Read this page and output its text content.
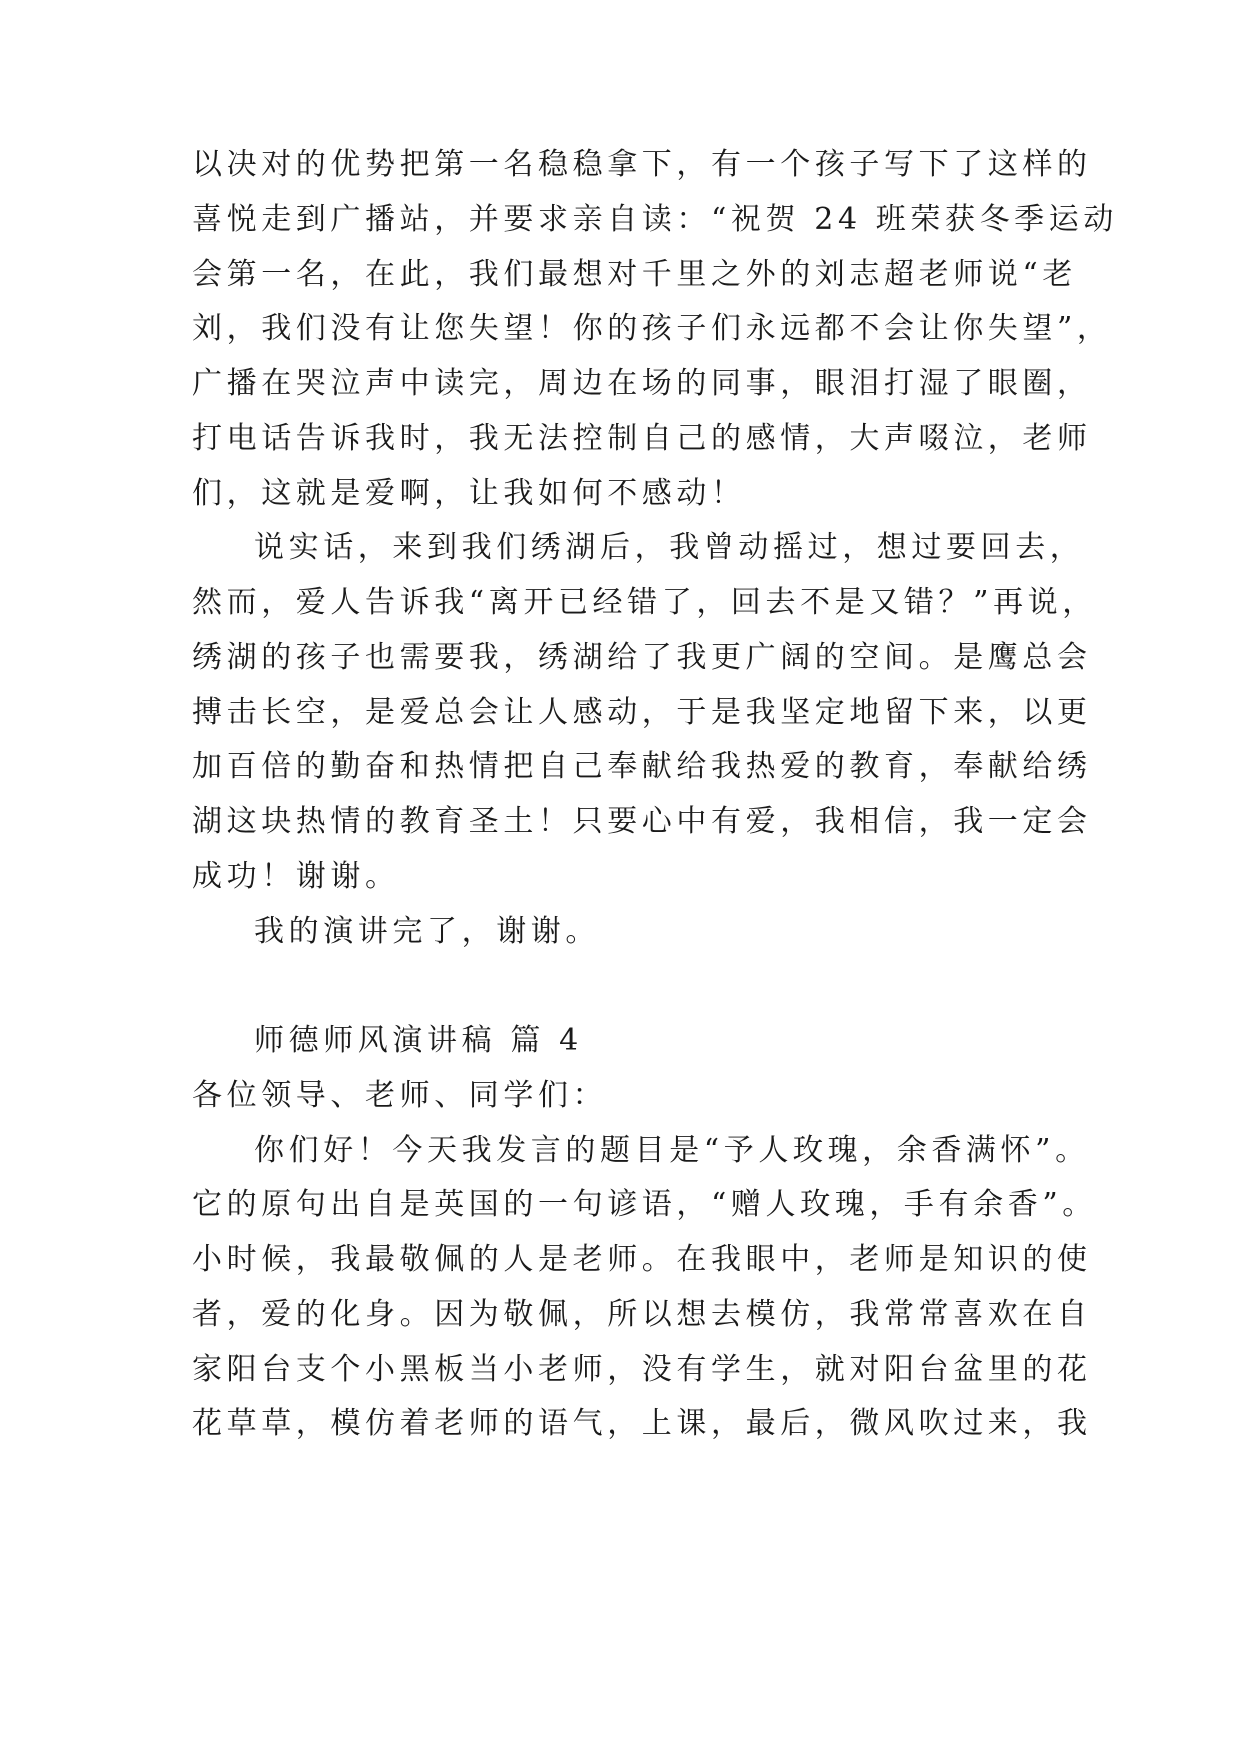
以决对的优势把第一名稳稳拿下，有一个孩子写下了这样的
喜悦走到广播站，并要求亲自读：“祝贺 24 班荣获冬季运动
会第一名，在此，我们最想对千里之外的刘志超老师说“老
刘，我们没有让您失望！你的孩子们永远都不会让你失望”，
广播在哭泣声中读完，周边在场的同事，眼泪打湿了眼圈，
打电话告诉我时，我无法控制自己的感情，大声啜泣，老师
们，这就是爱啊，让我如何不感动！
说实话，来到我们绣湖后，我曾动摇过，想过要回去，
然而，爱人告诉我“离开已经错了，回去不是又错？”再说，
绣湖的孩子也需要我，绣湖给了我更广阔的空间。是鹰总会
搏击长空，是爱总会让人感动，于是我坚定地留下来，以更
加百倍的勤奋和热情把自己奉献给我热爱的教育，奉献给绣
湖这块热情的教育圣土！只要心中有爱，我相信，我一定会
成功！谢谢。
我的演讲完了，谢谢。
师德师风演讲稿 篇 4
各位领导、老师、同学们：
你们好！今天我发言的题目是“予人玫瑰，余香满怀”。
它的原句出自是英国的一句谚语，“赠人玫瑰，手有余香”。
小时候，我最敬佩的人是老师。在我眼中，老师是知识的使
者，爱的化身。因为敬佩，所以想去模仿，我常常喜欢在自
家阳台支个小黑板当小老师，没有学生，就对阳台盆里的花
花草草，模仿着老师的语气，上课，最后，微风吹过来，我
